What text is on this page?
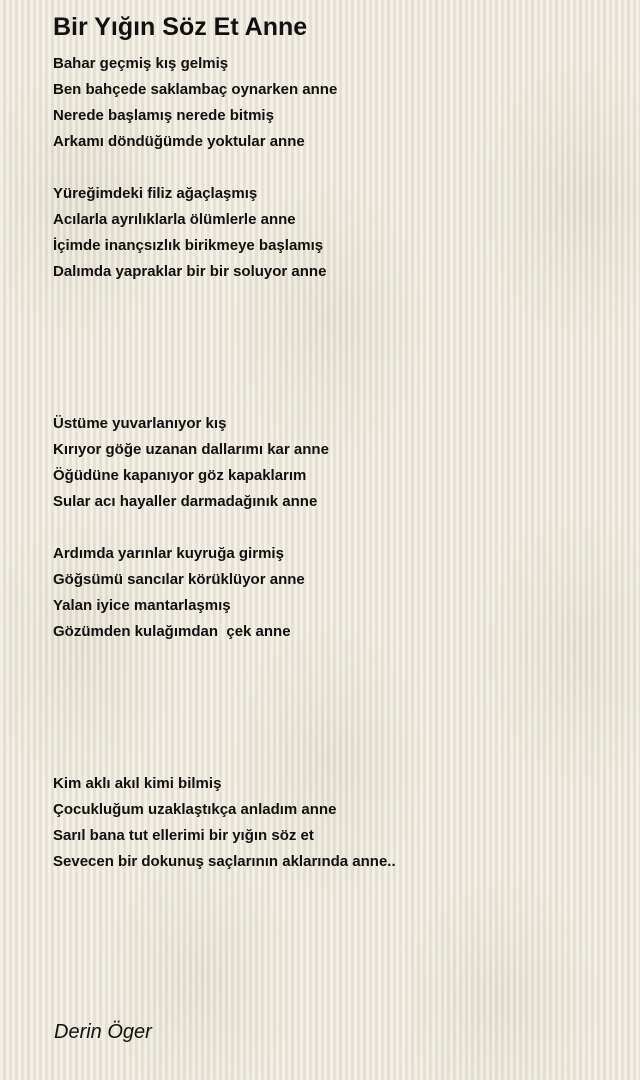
Bir Yığın Söz Et Anne
Bahar geçmiş kış gelmiş
Ben bahçede saklambaç oynarken anne
Nerede başlamış nerede bitmiş
Arkamı döndüğümde yoktular anne
Yüreğimdeki filiz ağaçlaşmış
Acılarla ayrılıklarla ölümlerle anne
İçimde inançsızlık birikmeye başlamış
Dalımda yapraklar bir bir soluyor anne
Üstüme yuvarlanıyor kış
Kırıyor göğe uzanan dallarımı kar anne
Öğüdüne kapanıyor göz kapaklarım
Sular acı hayaller darmadağınık anne
Ardımda yarınlar kuyruğa girmiş
Göğsümü sancılar körüklüyor anne
Yalan iyice mantarlaşmış
Gözümden kulağımdan  çek anne
Kim aklı akıl kimi bilmiş
Çocukluğum uzaklaştıkça anladım anne
Sarıl bana tut ellerimi bir yığın söz et
Sevecen bir dokunuş saçlarının aklarında anne..
Derin Öger
